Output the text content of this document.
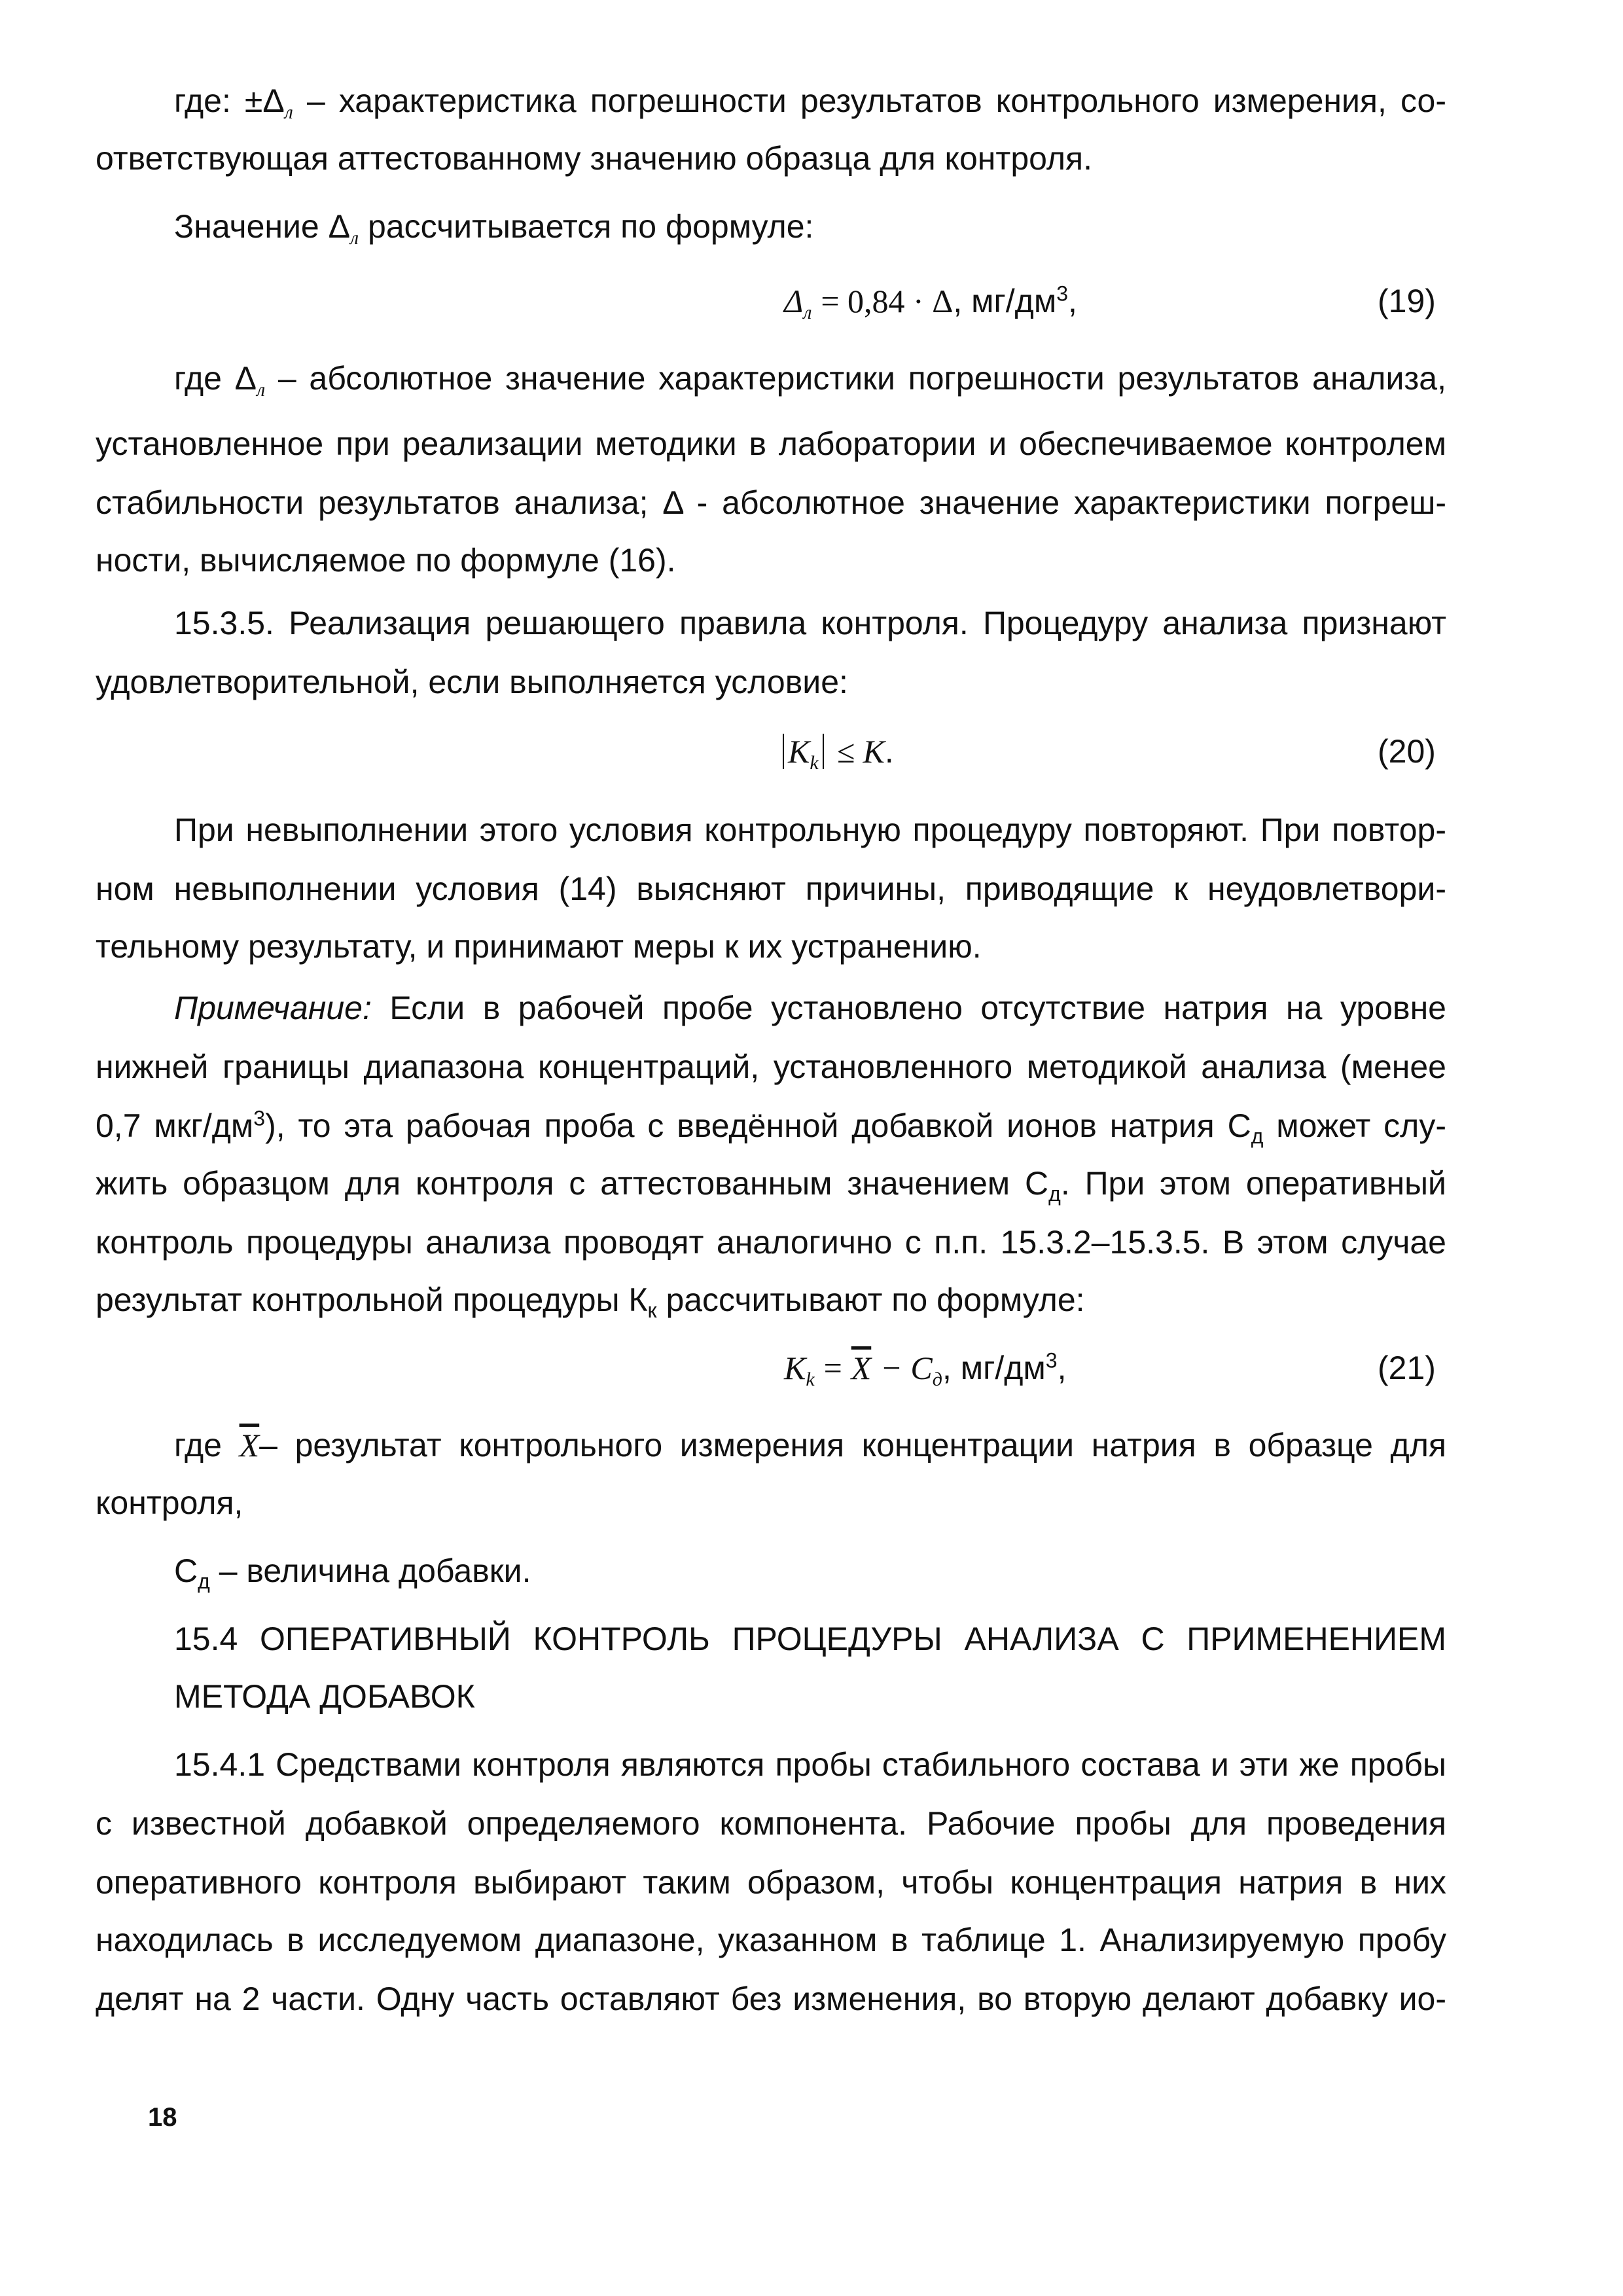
где: $\pm\Delta_л$ – характеристика погрешности результатов контрольного измерения, со-
ответствующая аттестованному значению образца для контроля.
Значение $\Delta_л$ рассчитывается по формуле:
$\Delta_л = 0,84 \cdot \Delta$, $мг/дм^3$,	(19)
где $\Delta_л$ – абсолютное значение характеристики погрешности результатов анализа,
установленное при реализации методики в лаборатории и обеспечиваемое контролем
стабильности результатов анализа; Δ - абсолютное значение характеристики погреш-
ности, вычисляемое по формуле (16).
15.3.5. Реализация решающего правила контроля. Процедуру анализа признают
удовлетворительной, если выполняется условие:
$K_k \le K$.	(20)
При невыполнении этого условия контрольную процедуру повторяют. При повтор-
ном невыполнении условия (14) выясняют причины, приводящие к неудовлетвори-
тельному результату, и принимают меры к их устранению.
Примечание: Если в рабочей пробе установлено отсутствие натрия на уровне
нижней границы диапазона концентраций, установленного методикой анализа (менее
0,7 мкг/$дм^3$), то эта рабочая проба с введённой добавкой ионов натрия $С_д$ может слу-
жить образцом для контроля с аттестованным значением $С_д$. При этом оперативный
контроль процедуры анализа проводят аналогично с п.п. 15.3.2–15.3.5. В этом случае
результат контрольной процедуры $К_к$ рассчитывают по формуле:
$K_k = \overline{X} - C_д$, $мг/дм^3$,	(21)
где $\overline{X}-$ результат контрольного измерения концентрации натрия в образце для
контроля,
$С_д$ – величина добавки.
15.4 ОПЕРАТИВНЫЙ КОНТРОЛЬ ПРОЦЕДУРЫ АНАЛИЗА С ПРИМЕНЕНИЕМ
МЕТОДА ДОБАВОК
15.4.1 Средствами контроля являются пробы стабильного состава и эти же пробы
с известной добавкой определяемого компонента. Рабочие пробы для проведения
оперативного контроля выбирают таким образом, чтобы концентрация натрия в них
находилась в исследуемом диапазоне, указанном в таблице 1. Анализируемую пробу
делят на 2 части. Одну часть оставляют без изменения, во вторую делают добавку ио-
18
